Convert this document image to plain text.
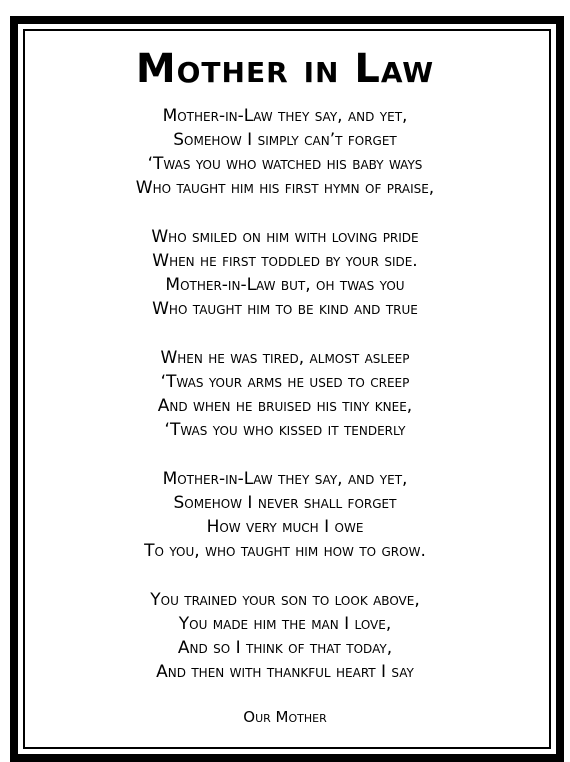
Mother in Law
Mother-in-Law they say, and yet,
Somehow I simply can’t forget
‘Twas you who watched his baby ways
Who taught him his first hymn of praise,
Who smiled on him with loving pride
When he first toddled by your side.
Mother-in-Law but, oh twas you
Who taught him to be kind and true
When he was tired, almost asleep
‘Twas your arms he used to creep
And when he bruised his tiny knee,
‘Twas you who kissed it tenderly
Mother-in-Law they say, and yet,
Somehow I never shall forget
How very much I owe
To you, who taught him how to grow.
You trained your son to look above,
You made him the man I love,
And so I think of that today,
And then with thankful heart I say
Our Mother
